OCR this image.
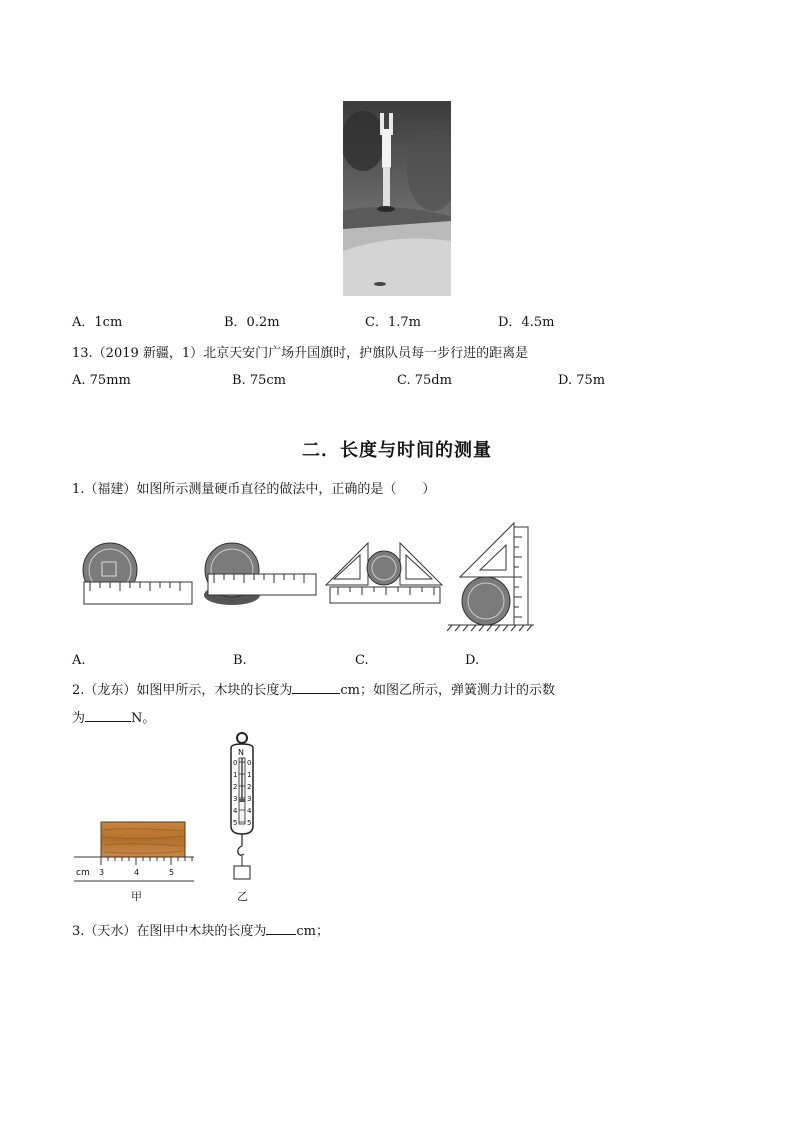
A．1cm	B．0.2m	C．1.7m	D．4.5m
13.（2019 新疆，1）北京天安门广场升国旗时，护旗队员每一步行进的距离是
A. 75mm	B. 75cm	C. 75dm	D. 75m
二．长度与时间的测量
1.（福建）如图所示测量硬币直径的做法中，正确的是（　　）
A.	B.	C.	D.
2.（龙东）如图甲所示，木块的长度为	cm；如图乙所示，弹簧测力计的示数
为	N。
cm 3	4	5
甲
N
0
1
2
3
4
5
0
1
2
3
4
5
乙
3.（天水）在图甲中木块的长度为 cm；
